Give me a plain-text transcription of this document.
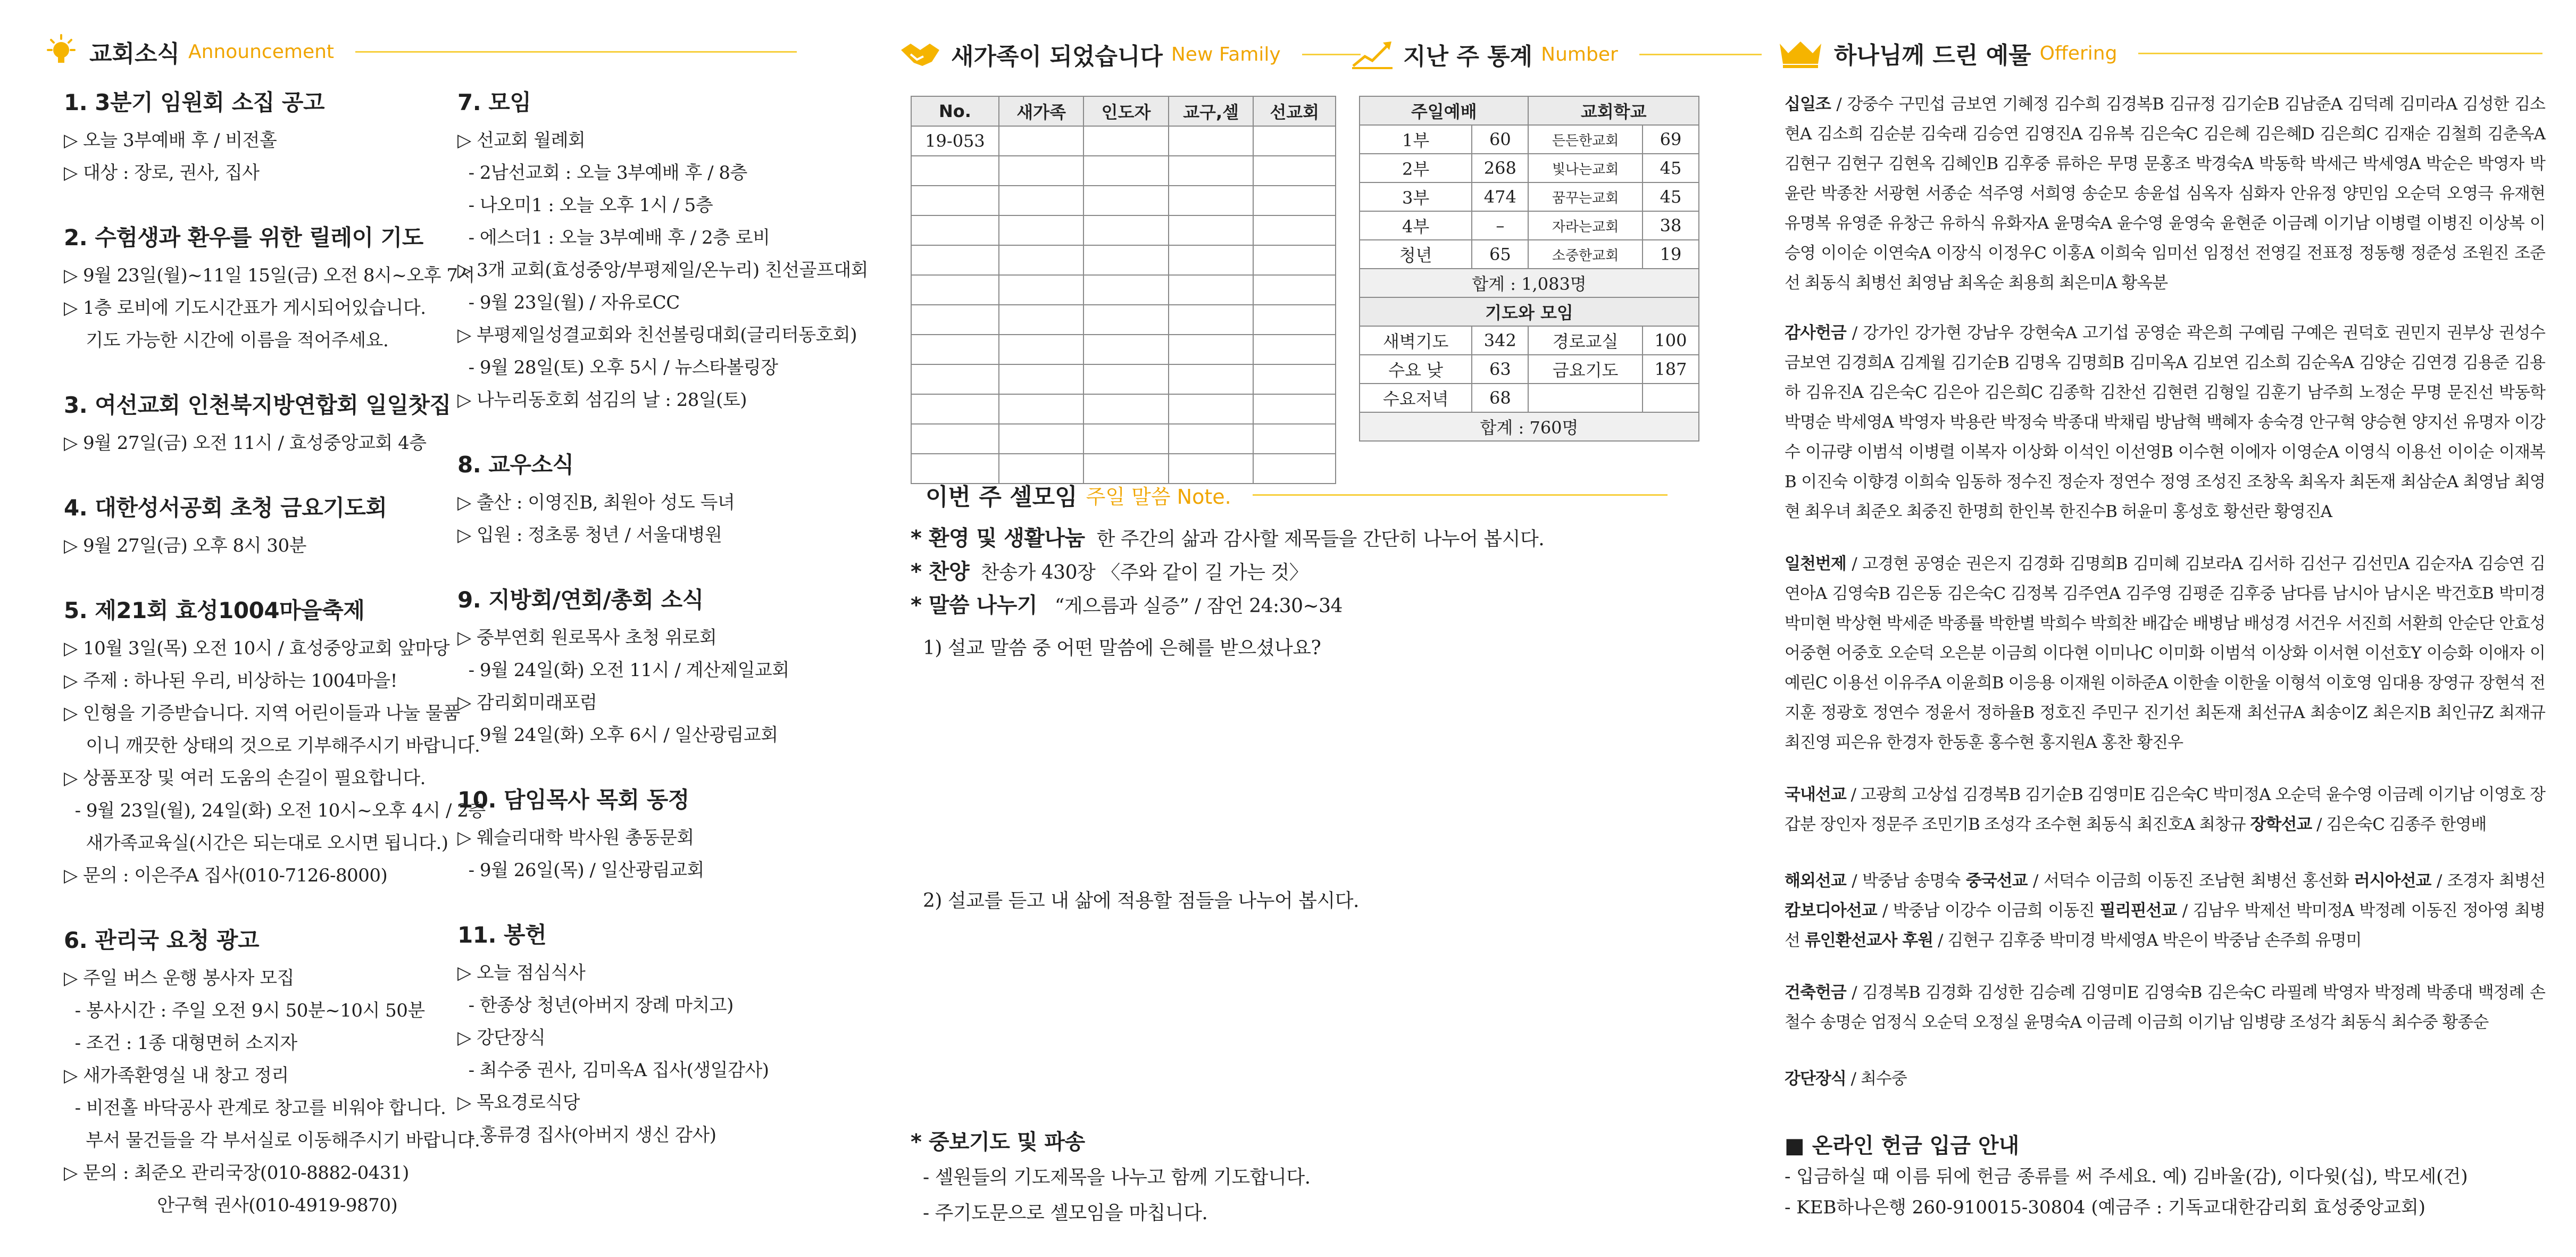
교회소식 Announcement
1. 3분기 임원회 소집 공고
▷ 오늘 3부예배 후 / 비전홀
▷ 대상 : 장로, 권사, 집사
2. 수험생과 환우를 위한 릴레이 기도
▷ 9월 23일(월)~11일 15일(금) 오전 8시~오후 7시
▷ 1층 로비에 기도시간표가 게시되어있습니다.
기도 가능한 시간에 이름을 적어주세요.
3. 여선교회 인천북지방연합회 일일찻집
▷ 9월 27일(금) 오전 11시 / 효성중앙교회 4층
4. 대한성서공회 초청 금요기도회
▷ 9월 27일(금) 오후 8시 30분
5. 제21회 효성1004마을축제
▷ 10월 3일(목) 오전 10시 / 효성중앙교회 앞마당
▷ 주제 : 하나된 우리, 비상하는 1004마을!
▷ 인형을 기증받습니다. 지역 어린이들과 나눌 물품
이니 깨끗한 상태의 것으로 기부해주시기 바랍니다.
▷ 상품포장 및 여러 도움의 손길이 필요합니다.
- 9월 23일(월), 24일(화) 오전 10시~오후 4시 / 2층
새가족교육실(시간은 되는대로 오시면 됩니다.)
▷ 문의 : 이은주A 집사(010-7126-8000)
6. 관리국 요청 광고
▷ 주일 버스 운행 봉사자 모집
- 봉사시간 : 주일 오전 9시 50분~10시 50분
- 조건 : 1종 대형면허 소지자
▷ 새가족환영실 내 창고 정리
- 비전홀 바닥공사 관계로 창고를 비워야 합니다.
부서 물건들을 각 부서실로 이동해주시기 바랍니다.
▷ 문의 : 최준오 관리국장(010-8882-0431)
안구혁 권사(010-4919-9870)
7. 모임
▷ 선교회 월례회
- 2남선교회 : 오늘 3부예배 후 / 8층
- 나오미1 : 오늘 오후 1시 / 5층
- 에스더1 : 오늘 3부예배 후 / 2층 로비
▷ 3개 교회(효성중앙/부평제일/온누리) 친선골프대회
- 9월 23일(월) / 자유로CC
▷ 부평제일성결교회와 친선볼링대회(글리터동호회)
- 9월 28일(토) 오후 5시 / 뉴스타볼링장
▷ 나누리동호회 섬김의 날 : 28일(토)
8. 교우소식
▷ 출산 : 이영진B, 최원아 성도 득녀
▷ 입원 : 정초롱 청년 / 서울대병원
9. 지방회/연회/총회 소식
▷ 중부연회 원로목사 초청 위로회
- 9월 24일(화) 오전 11시 / 계산제일교회
▷ 감리회미래포럼
- 9월 24일(화) 오후 6시 / 일산광림교회
10. 담임목사 목회 동정
▷ 웨슬리대학 박사원 총동문회
- 9월 26일(목) / 일산광림교회
11. 봉헌
▷ 오늘 점심식사
- 한종상 청년(아버지 장례 마치고)
▷ 강단장식
- 최수중 권사, 김미옥A 집사(생일감사)
▷ 목요경로식당
- 홍류경 집사(아버지 생신 감사)
새가족이 되었습니다 New Family	지난 주 통계 Number
No.	새가족	인도자	교구,셀	선교회
19-053				

주일예배		교회학교	
1부	60	든든한교회	69
2부	268	빛나는교회	45
3부	474	꿈꾸는교회	45
4부	–	자라는교회	38
청년	65	소중한교회	19
합계 : 1,083명			
기도와 모임			
새벽기도	342	경로교실	100
수요 낮	63	금요기도	187
수요저녁	68		
합계 : 760명			
이번 주 셀모임 주일 말씀 Note.
* 환영 및 생활나눔  한 주간의 삶과 감사할 제목들을 간단히 나누어 봅시다.
* 찬양  찬송가 430장 〈주와 같이 길 가는 것〉
* 말씀 나누기   “게으름과 실증” / 잠언 24:30~34
1) 설교 말씀 중 어떤 말씀에 은혜를 받으셨나요?
2) 설교를 듣고 내 삶에 적용할 점들을 나누어 봅시다.
* 중보기도 및 파송
- 셀원들의 기도제목을 나누고 함께 기도합니다.
- 주기도문으로 셀모임을 마칩니다.
하나님께 드린 예물 Offering
십일조 / 강중수 구민섭 금보연 기혜정 김수희 김경복B 김규정 김기순B 김남준A 김덕례 김미라A 김성한 김소현A 김소희 김순분 김숙래 김승연 김영진A 김유복 김은숙C 김은혜 김은혜D 김은희C 김재순 김철희 김춘옥A 김현구 김현구 김현옥 김혜인B 김후중 류하은 무명 문홍조 박경숙A 박동학 박세근 박세영A 박순은 박영자 박윤란 박종찬 서광현 서종순 석주영 서희영 송순모 송윤섭 심옥자 심화자 안유정 양민임 오순덕 오영극 유재현 유명복 유영준 유창근 유하식 유화자A 윤명숙A 윤수영 윤영숙 윤현준 이금례 이기남 이병렬 이병진 이상복 이승영 이이순 이연숙A 이장식 이정우C 이홍A 이희숙 임미선 임정선 전영길 전표정 정동행 정준성 조원진 조준선 최동식 최병선 최영남 최옥순 최용희 최은미A 황옥분
감사헌금 / 강가인 강가현 강남우 강현숙A 고기섭 공영순 곽은희 구예림 구예은 권덕호 권민지 권부상 권성수 금보연 김경희A 김계월 김기순B 김명옥 김명희B 김미옥A 김보연 김소희 김순옥A 김양순 김연경 김용준 김용하 김유진A 김은숙C 김은아 김은희C 김종학 김찬선 김현련 김형일 김훈기 남주희 노정순 무명 문진선 박동학 박명순 박세영A 박영자 박용란 박정숙 박종대 박채림 방남혁 백혜자 송숙경 안구혁 양승현 양지선 유명자 이강수 이규량 이범석 이병렬 이복자 이상화 이석인 이선영B 이수현 이에자 이영순A 이영식 이용선 이이순 이재복B 이진숙 이향경 이희숙 임동하 정수진 정순자 정연수 정영 조성진 조창옥 최옥자 최돈재 최삼순A 최영남 최영현 최우녀 최준오 최중진 한명희 한인복 한진수B 허윤미 홍성호 황선란 황영진A
일천번제 / 고경현 공영순 권은지 김경화 김명희B 김미혜 김보라A 김서하 김선구 김선민A 김순자A 김승연 김연아A 김영숙B 김은동 김은숙C 김정복 김주연A 김주영 김평준 김후중 남다름 남시아 남시온 박건호B 박미경 박미현 박상현 박세준 박종률 박한별 박희수 박희찬 배갑순 배병남 배성경 서건우 서진희 서환희 안순단 안효성 어중현 어중호 오순덕 오은분 이금희 이다현 이미나C 이미화 이범석 이상화 이서현 이선호Y 이승화 이애자 이예린C 이용선 이유주A 이윤희B 이응용 이재원 이하준A 이한솔 이한울 이형석 이호영 임대용 장영규 장현석 전지훈 정광호 정연수 정윤서 정하율B 정호진 주민구 진기선 최돈재 최선규A 최송이Z 최은지B 최인규Z 최재규 최진영 피은유 한경자 한동훈 홍수현 홍지원A 홍찬 황진우
국내선교 / 고광희 고상섭 김경복B 김기순B 김영미E 김은숙C 박미정A 오순덕 윤수영 이금례 이기남 이영호 장갑분 장인자 정문주 조민기B 조성각 조수현 최동식 최진호A 최창규 장학선교 / 김은숙C 김종주 한영배
해외선교 / 박중남 송명숙 중국선교 / 서덕수 이금희 이동진 조남현 최병선 홍선화 러시아선교 / 조경자 최병선 캄보디아선교 / 박중남 이강수 이금희 이동진 필리핀선교 / 김남우 박제선 박미정A 박정례 이동진 정아영 최병선 류인환선교사 후원 / 김현구 김후중 박미경 박세영A 박은이 박중남 손주희 유명미
건축헌금 / 김경복B 김경화 김성한 김승례 김영미E 김영숙B 김은숙C 라필례 박영자 박정례 박종대 백정례 손철수 송명순 엄정식 오순덕 오정실 윤명숙A 이금례 이금희 이기남 임병량 조성각 최동식 최수중 황종순
강단장식 / 최수중
■ 온라인 헌금 입금 안내
- 입금하실 때 이름 뒤에 헌금 종류를 써 주세요. 예) 김바울(감), 이다윗(십), 박모세(건)
- KEB하나은행 260-910015-30804 (예금주 : 기독교대한감리회 효성중앙교회)
